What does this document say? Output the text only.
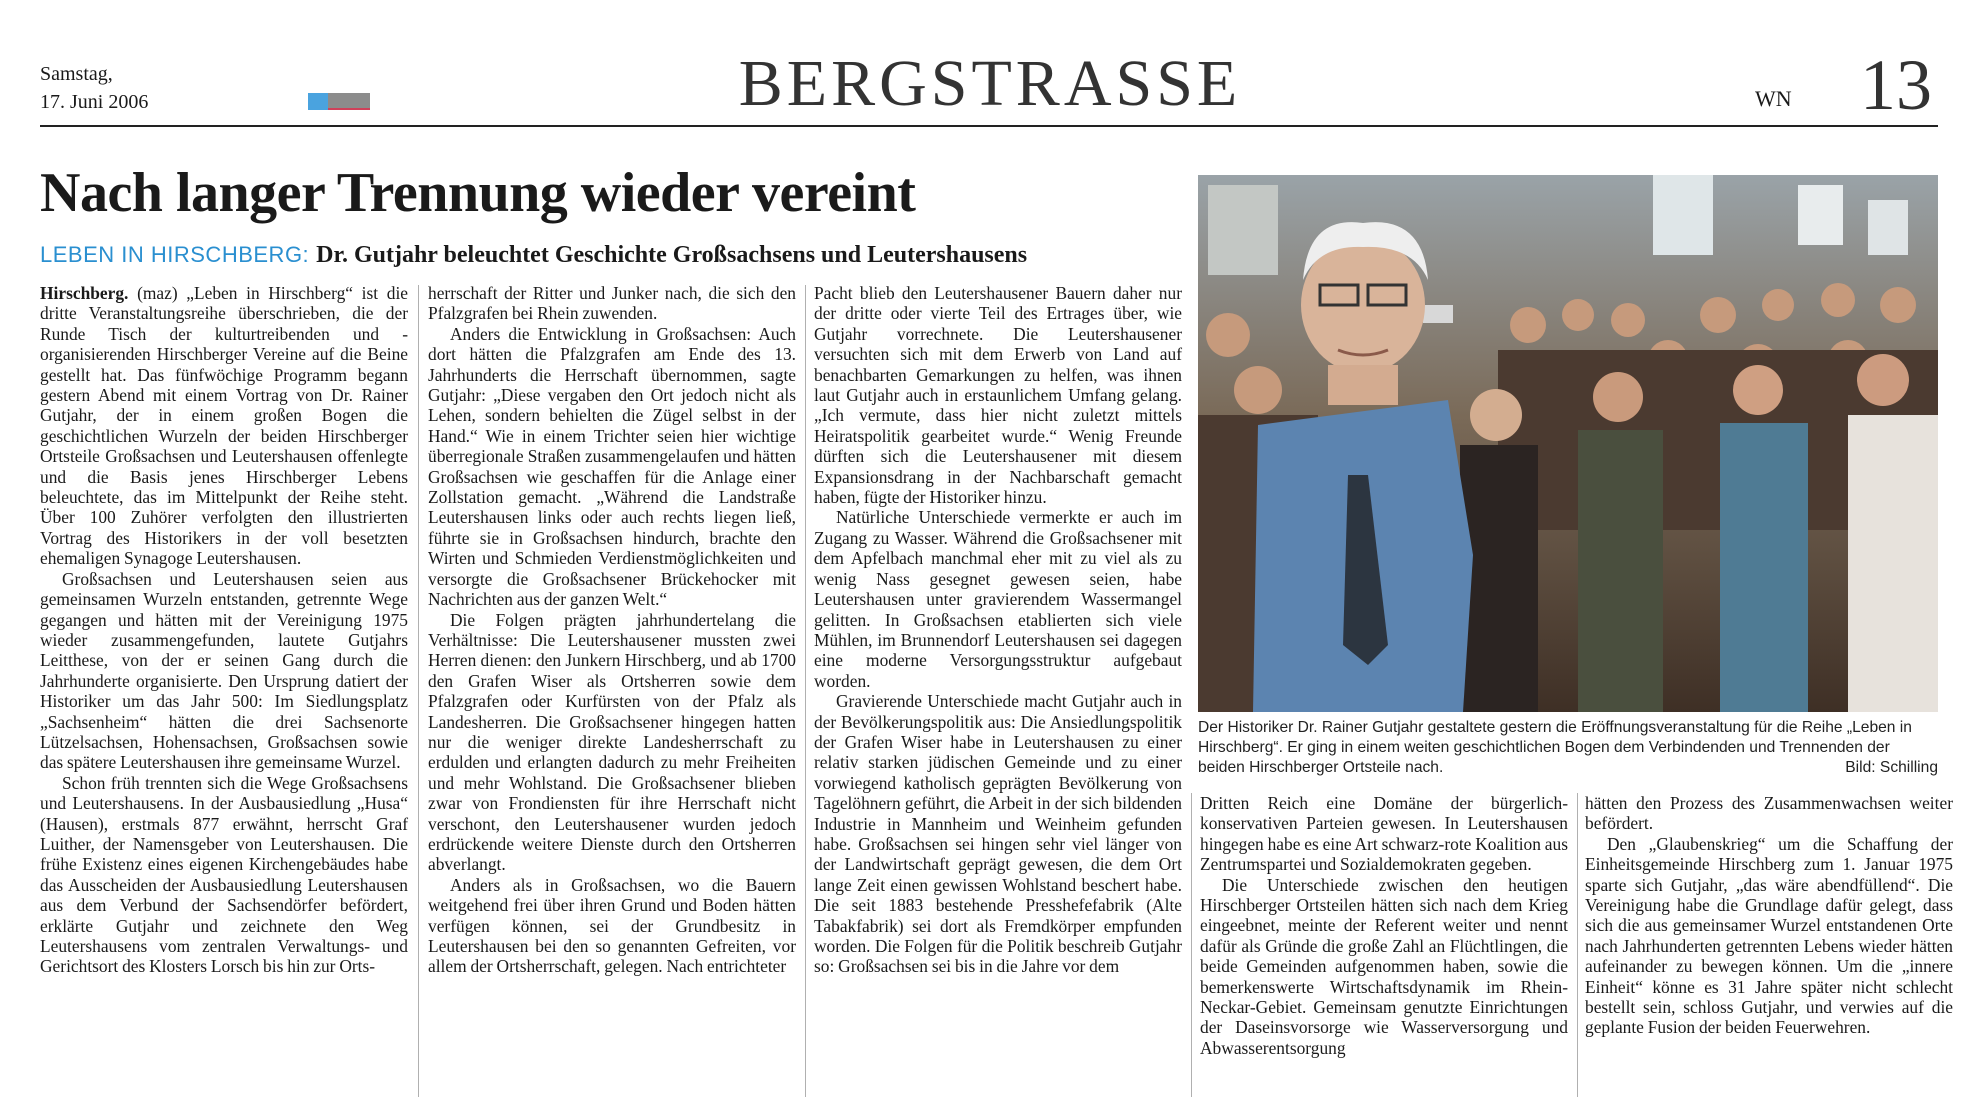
Samstag,
17. Juni 2006	BERGSTRASSE	WN 13
Nach langer Trennung wieder vereint
LEBEN IN HIRSCHBERG: Dr. Gutjahr beleuchtet Geschichte Großsachsens und Leutershausens

Hirschberg. (maz) „Leben in Hirschberg“ ist die dritte Veranstaltungsreihe überschrieben, die der Runde Tisch der kulturtreibenden und -organisierenden Hirschberger Vereine auf die Beine gestellt hat. Das fünfwöchige Programm begann gestern Abend mit einem Vortrag von Dr. Rainer Gutjahr, der in einem großen Bogen die geschichtlichen Wurzeln der beiden Hirschberger Ortsteile Großsachsen und Leutershausen offenlegte und die Basis jenes Hirschberger Lebens beleuchtete, das im Mittelpunkt der Reihe steht. Über 100 Zuhörer verfolgten den illustrierten Vortrag des Historikers in der voll besetzten ehemaligen Synagoge Leutershausen.

Großsachsen und Leutershausen seien aus gemeinsamen Wurzeln entstanden, getrennte Wege gegangen und hätten mit der Vereinigung 1975 wieder zusammengefunden, lautete Gutjahrs Leitthese, von der er seinen Gang durch die Jahrhunderte organisierte. Den Ursprung datiert der Historiker um das Jahr 500: Im Siedlungsplatz „Sachsenheim“ hätten die drei Sachsenorte Lützelsachsen, Hohensachsen, Großsachsen sowie das spätere Leutershausen ihre gemeinsame Wurzel.

Schon früh trennten sich die Wege Großsachsens und Leutershausens. In der Ausbausiedlung „Husa“ (Hausen), erstmals 877 erwähnt, herrscht Graf Luither, der Namensgeber von Leutershausen. Die frühe Existenz eines eigenen Kirchengebäudes habe das Ausscheiden der Ausbausiedlung Leutershausen aus dem Verbund der Sachsendörfer befördert, erklärte Gutjahr und zeichnete den Weg Leutershausens vom zentralen Verwaltungs- und Gerichtsort des Klosters Lorsch bis hin zur Orts-

herrschaft der Ritter und Junker nach, die sich den Pfalzgrafen bei Rhein zuwenden.

Anders die Entwicklung in Großsachsen: Auch dort hätten die Pfalzgrafen am Ende des 13. Jahrhunderts die Herrschaft übernommen, sagte Gutjahr: „Diese vergaben den Ort jedoch nicht als Lehen, sondern behielten die Zügel selbst in der Hand.“ Wie in einem Trichter seien hier wichtige überregionale Straßen zusammengelaufen und hätten Großsachsen wie geschaffen für die Anlage einer Zollstation gemacht. „Während die Landstraße Leutershausen links oder auch rechts liegen ließ, führte sie in Großsachsen hindurch, brachte den Wirten und Schmieden Verdienstmöglichkeiten und versorgte die Großsachsener Brückehocker mit Nachrichten aus der ganzen Welt.“

Die Folgen prägten jahrhundertelang die Verhältnisse: Die Leutershausener mussten zwei Herren dienen: den Junkern Hirschberg, und ab 1700 den Grafen Wiser als Ortsherren sowie dem Pfalzgrafen oder Kurfürsten von der Pfalz als Landesherren. Die Großsachsener hingegen hatten nur die weniger direkte Landesherrschaft zu erdulden und erlangten dadurch zu mehr Freiheiten und mehr Wohlstand. Die Großsachsener blieben zwar von Frondiensten für ihre Herrschaft nicht verschont, den Leutershausener wurden jedoch erdrückende weitere Dienste durch den Ortsherren abverlangt.

Anders als in Großsachsen, wo die Bauern weitgehend frei über ihren Grund und Boden hätten verfügen können, sei der Grundbesitz in Leutershausen bei den so genannten Gefreiten, vor allem der Ortsherrschaft, gelegen. Nach entrichteter

Pacht blieb den Leutershausener Bauern daher nur der dritte oder vierte Teil des Ertrages über, wie Gutjahr vorrechnete. Die Leutershausener versuchten sich mit dem Erwerb von Land auf benachbarten Gemarkungen zu helfen, was ihnen laut Gutjahr auch in erstaunlichem Umfang gelang. „Ich vermute, dass hier nicht zuletzt mittels Heiratspolitik gearbeitet wurde.“ Wenig Freunde dürften sich die Leutershausener mit diesem Expansionsdrang in der Nachbarschaft gemacht haben, fügte der Historiker hinzu.

Natürliche Unterschiede vermerkte er auch im Zugang zu Wasser. Während die Großsachsener mit dem Apfelbach manchmal eher mit zu viel als zu wenig Nass gesegnet gewesen seien, habe Leutershausen unter gravierendem Wassermangel gelitten. In Großsachsen etablierten sich viele Mühlen, im Brunnendorf Leutershausen sei dagegen eine moderne Versorgungsstruktur aufgebaut worden.

Gravierende Unterschiede macht Gutjahr auch in der Bevölkerungspolitik aus: Die Ansiedlungspolitik der Grafen Wiser habe in Leutershausen zu einer relativ starken jüdischen Gemeinde und zu einer vorwiegend katholisch geprägten Bevölkerung von Tagelöhnern geführt, die Arbeit in der sich bildenden Industrie in Mannheim und Weinheim gefunden habe. Großsachsen sei hingen sehr viel länger von der Landwirtschaft geprägt gewesen, die dem Ort lange Zeit einen gewissen Wohlstand beschert habe. Die seit 1883 bestehende Presshefefabrik (Alte Tabakfabrik) sei dort als Fremdkörper empfunden worden. Die Folgen für die Politik beschreib Gutjahr so: Großsachsen sei bis in die Jahre vor dem

Dritten Reich eine Domäne der bürgerlich-konservativen Parteien gewesen. In Leutershausen hingegen habe es eine Art schwarz-rote Koalition aus Zentrumspartei und Sozialdemokraten gegeben.

Die Unterschiede zwischen den heutigen Hirschberger Ortsteilen hätten sich nach dem Krieg eingeebnet, meinte der Referent weiter und nennt dafür als Gründe die große Zahl an Flüchtlingen, die beide Gemeinden aufgenommen haben, sowie die bemerkenswerte Wirtschaftsdynamik im Rhein-Neckar-Gebiet. Gemeinsam genutzte Einrichtungen der Daseinsvorsorge wie Wasserversorgung und Abwasserentsorgung

hätten den Prozess des Zusammenwachsen weiter befördert.

Den „Glaubenskrieg“ um die Schaffung der Einheitsgemeinde Hirschberg zum 1. Januar 1975 sparte sich Gutjahr, „das wäre abendfüllend“. Die Vereinigung habe die Grundlage dafür gelegt, dass sich die aus gemeinsamer Wurzel entstandenen Orte nach Jahrhunderten getrennten Lebens wieder hätten aufeinander zu bewegen können. Um die „innere Einheit“ könne es 31 Jahre später nicht schlecht bestellt sein, schloss Gutjahr, und verwies auf die geplante Fusion der beiden Feuerwehren.

Der Historiker Dr. Rainer Gutjahr gestaltete gestern die Eröffnungsveranstaltung für die Reihe „Leben in Hirschberg“. Er ging in einem weiten geschichtlichen Bogen dem Verbindenden und Trennenden der beiden Hirschberger Ortsteile nach.	Bild: Schilling
